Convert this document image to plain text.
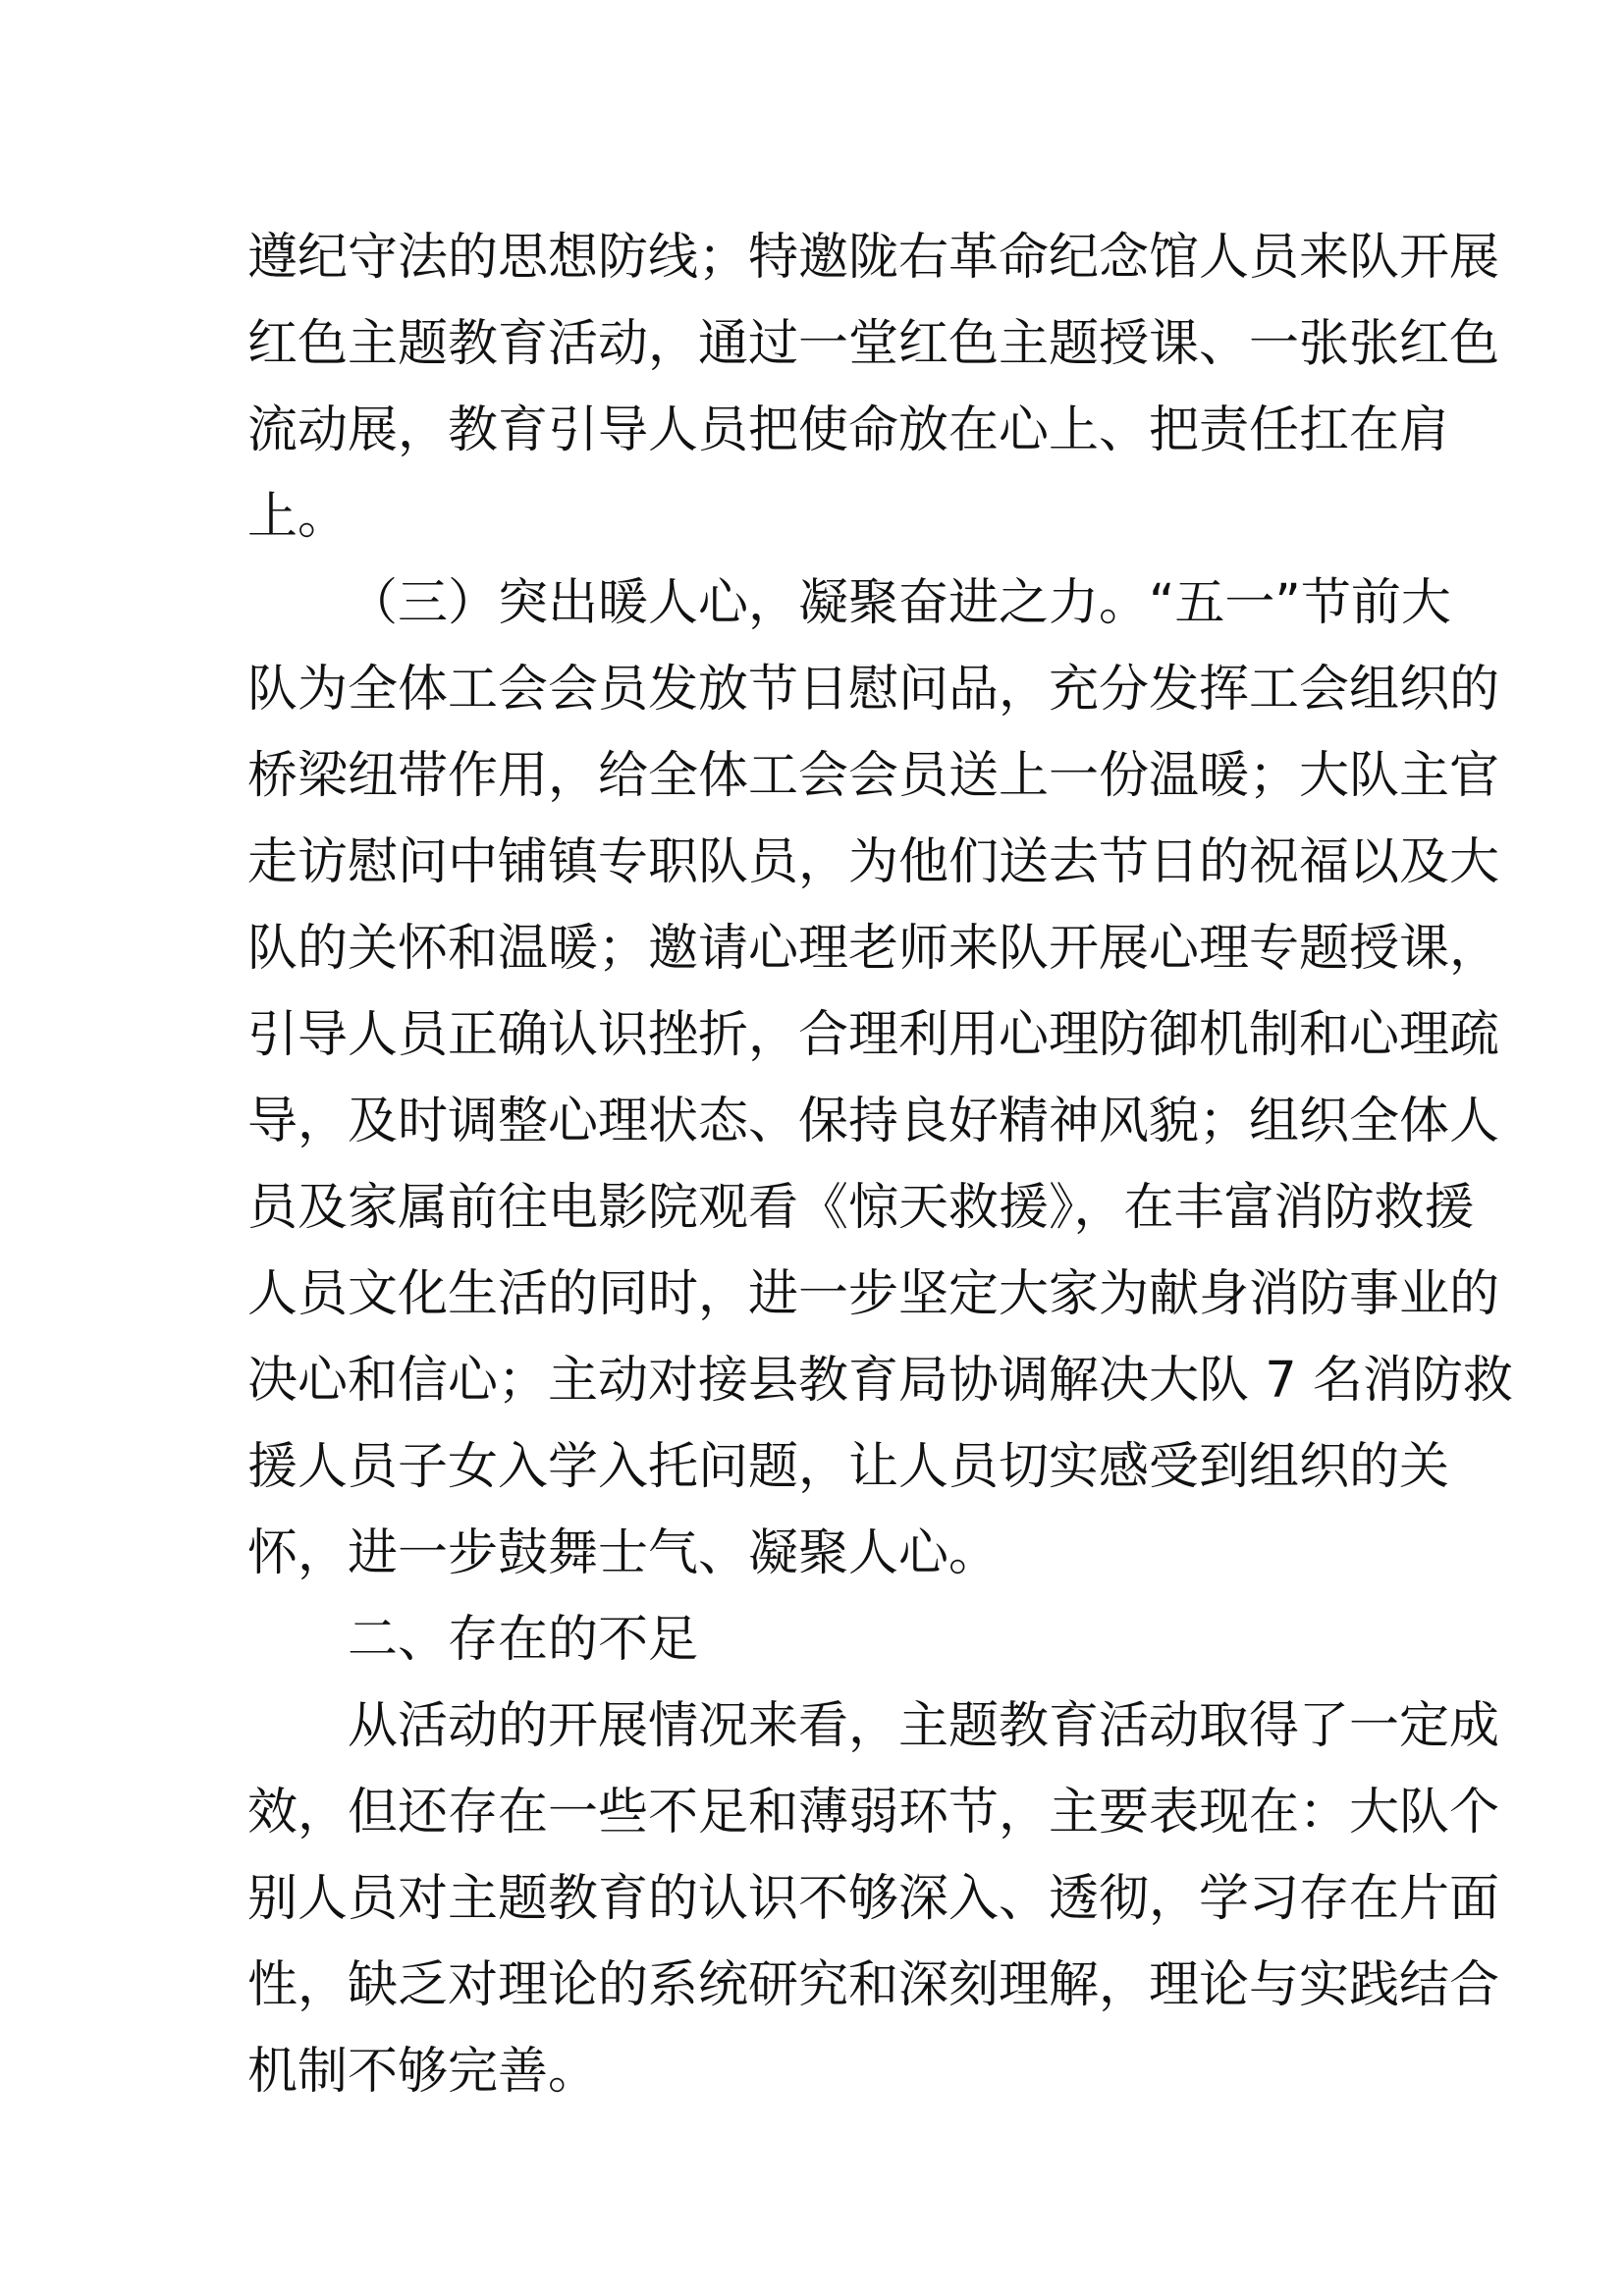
遵纪守法的思想防线；特邀陇右革命纪念馆人员来队开展
红色主题教育活动，通过一堂红色主题授课、一张张红色
流动展，教育引导人员把使命放在心上、把责任扛在肩
上。
（三）突出暖人心，凝聚奋进之力。“五一”节前大
队为全体工会会员发放节日慰问品，充分发挥工会组织的
桥梁纽带作用，给全体工会会员送上一份温暖；大队主官
走访慰问中铺镇专职队员，为他们送去节日的祝福以及大
队的关怀和温暖；邀请心理老师来队开展心理专题授课，
引导人员正确认识挫折，合理利用心理防御机制和心理疏
导，及时调整心理状态、保持良好精神风貌；组织全体人
员及家属前往电影院观看《惊天救援》，在丰富消防救援
人员文化生活的同时，进一步坚定大家为献身消防事业的
决心和信心；主动对接县教育局协调解决大队 7 名消防救
援人员子女入学入托问题，让人员切实感受到组织的关
怀，进一步鼓舞士气、凝聚人心。
二、存在的不足
从活动的开展情况来看，主题教育活动取得了一定成
效，但还存在一些不足和薄弱环节，主要表现在：大队个
别人员对主题教育的认识不够深入、透彻，学习存在片面
性，缺乏对理论的系统研究和深刻理解，理论与实践结合
机制不够完善。
